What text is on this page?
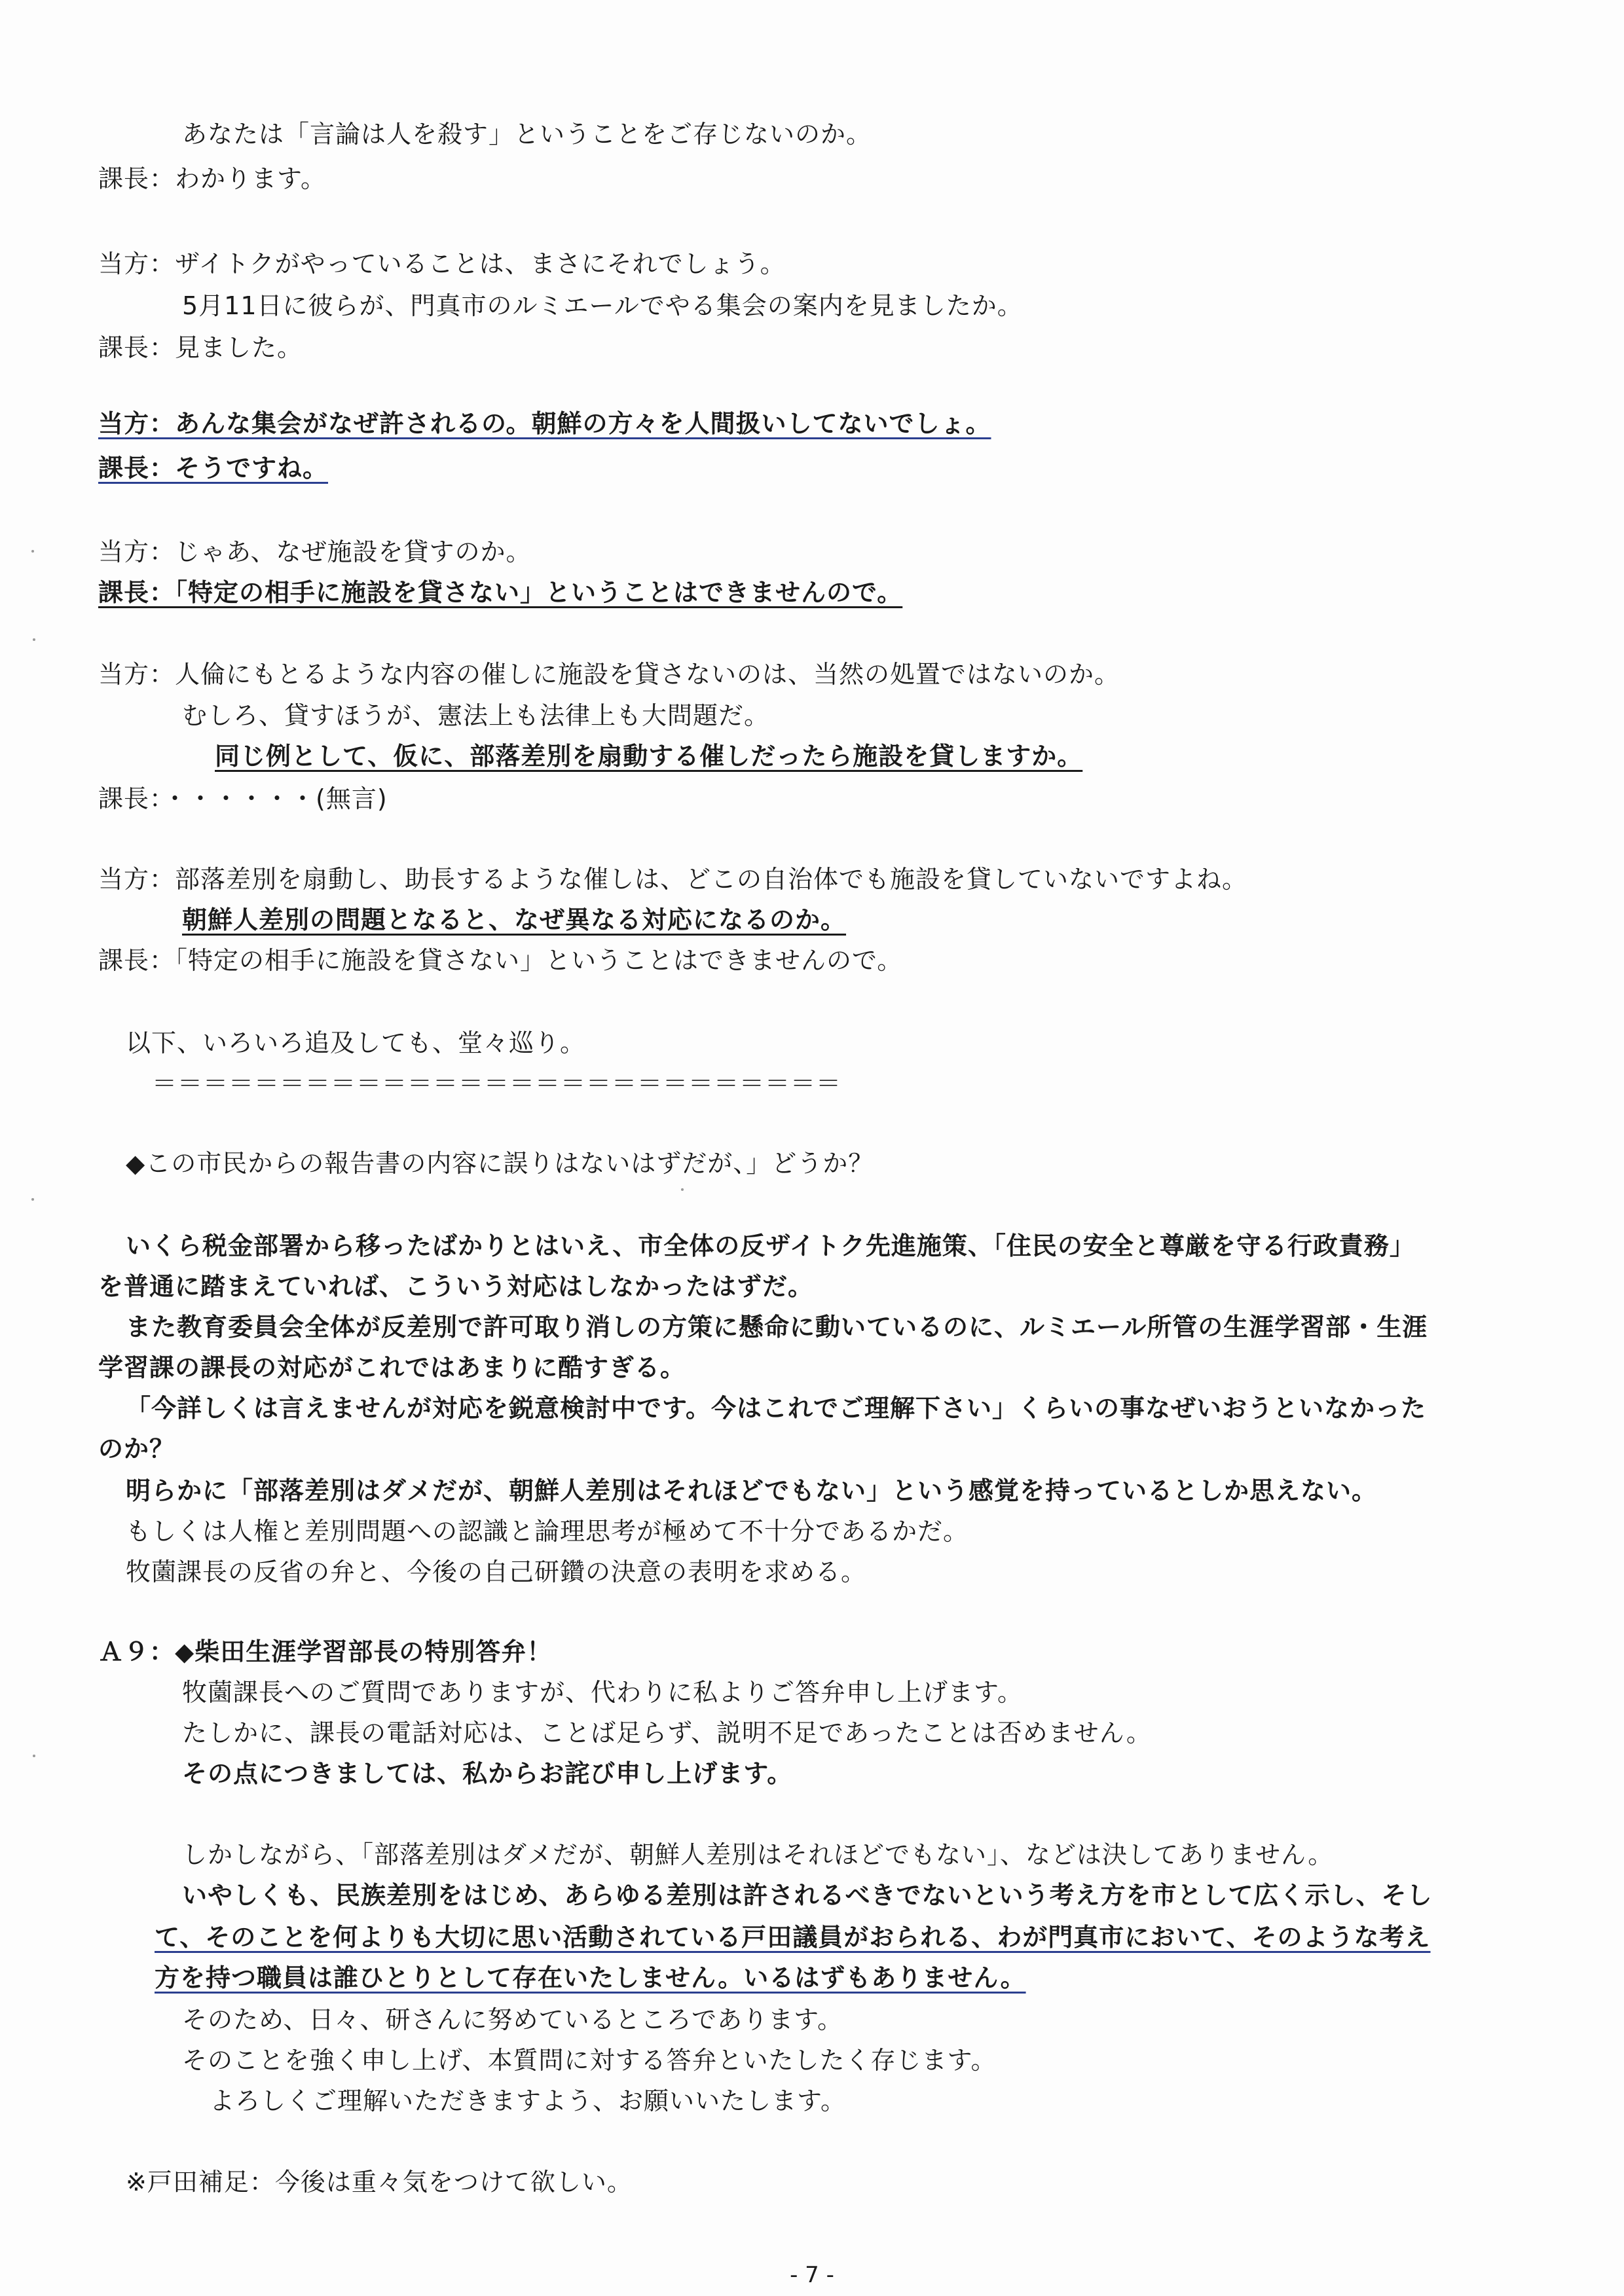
あなたは「言論は人を殺す」ということをご存じないのか。
課長：わかります。
当方：ザイトクがやっていることは、まさにそれでしょう。
5月11日に彼らが、門真市のルミエールでやる集会の案内を見ましたか。
課長：見ました。
当方：あんな集会がなぜ許されるの。朝鮮の方々を人間扱いしてないでしょ。
課長：そうですね。
当方：じゃあ、なぜ施設を貸すのか。
課長：「特定の相手に施設を貸さない」ということはできませんので。
当方：人倫にもとるような内容の催しに施設を貸さないのは、当然の処置ではないのか。
むしろ、貸すほうが、憲法上も法律上も大問題だ。
同じ例として、仮に、部落差別を扇動する催しだったら施設を貸しますか。
課長：・・・・・・(無言)
当方：部落差別を扇動し、助長するような催しは、どこの自治体でも施設を貸していないですよね。
朝鮮人差別の問題となると、なぜ異なる対応になるのか。
課長：「特定の相手に施設を貸さない」ということはできませんので。
以下、いろいろ追及しても、堂々巡り。
＝＝＝＝＝＝＝＝＝＝＝＝＝＝＝＝＝＝＝＝＝＝＝＝＝＝＝
◆この市民からの報告書の内容に誤りはないはずだが、」どうか？
いくら税金部署から移ったばかりとはいえ、市全体の反ザイトク先進施策、「住民の安全と尊厳を守る行政責務」
を普通に踏まえていれば、こういう対応はしなかったはずだ。
また教育委員会全体が反差別で許可取り消しの方策に懸命に動いているのに、ルミエール所管の生涯学習部・生涯
学習課の課長の対応がこれではあまりに酷すぎる。
「今詳しくは言えませんが対応を鋭意検討中です。今はこれでご理解下さい」くらいの事なぜいおうといなかった
のか？
明らかに「部落差別はダメだが、朝鮮人差別はそれほどでもない」という感覚を持っているとしか思えない。
もしくは人権と差別問題への認識と論理思考が極めて不十分であるかだ。
牧薗課長の反省の弁と、今後の自己研鑽の決意の表明を求める。
Ａ９：◆柴田生涯学習部長の特別答弁！
牧薗課長へのご質問でありますが、代わりに私よりご答弁申し上げます。
たしかに、課長の電話対応は、ことば足らず、説明不足であったことは否めません。
その点につきましては、私からお詫び申し上げます。
しかしながら、「部落差別はダメだが、朝鮮人差別はそれほどでもない」、などは決してありません。
いやしくも、民族差別をはじめ、あらゆる差別は許されるべきでないという考え方を市として広く示し、そし
て、そのことを何よりも大切に思い活動されている戸田議員がおられる、わが門真市において、そのような考え
方を持つ職員は誰ひとりとして存在いたしません。いるはずもありません。
そのため、日々、研さんに努めているところであります。
そのことを強く申し上げ、本質問に対する答弁といたしたく存じます。
よろしくご理解いただきますよう、お願いいたします。
※戸田補足：今後は重々気をつけて欲しい。
- 7 -
